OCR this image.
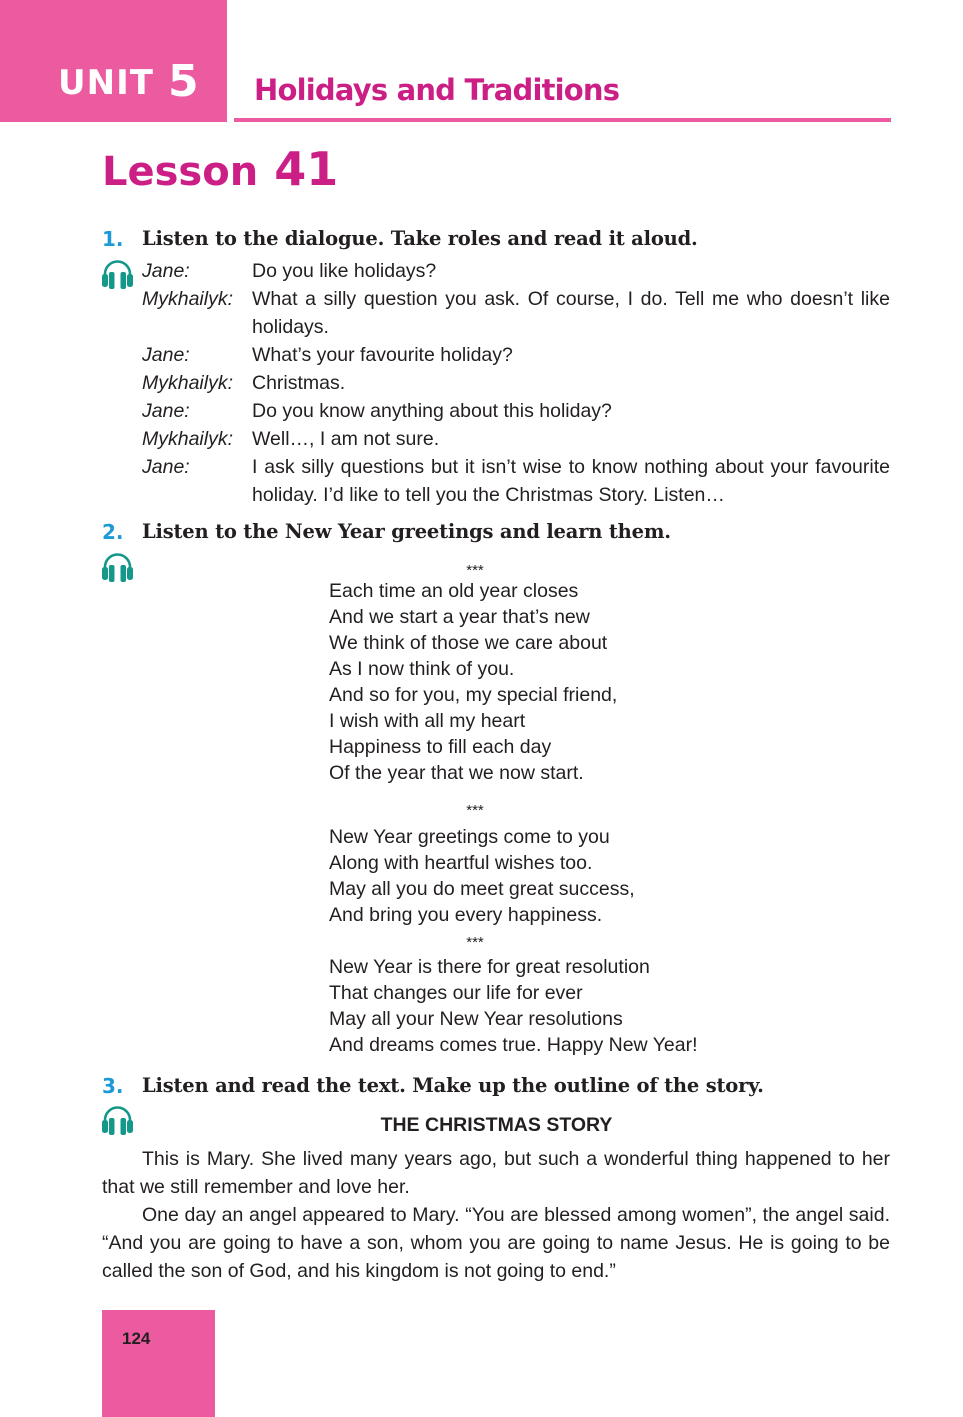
UNIT 5 Holidays and Traditions
Lesson 41
1. Listen to the dialogue. Take roles and read it aloud.
Jane:	Do you like holidays?
Mykhailyk: What a silly question you ask. Of course, I do. Tell me who doesn’t like holidays.
Jane:	What’s your favourite holiday?
Mykhailyk: Christmas.
Jane:	Do you know anything about this holiday?
Mykhailyk: Well…, I am not sure.
Jane:	I ask silly questions but it isn’t wise to know nothing about your favourite holiday. I’d like to tell you the Christmas Story. Listen…
2. Listen to the New Year greetings and learn them.
***
Each time an old year closes
And we start a year that’s new
We think of those we care about
As I now think of you.
And so for you, my special friend,
I wish with all my heart
Happiness to fill each day
Of the year that we now start.
***
New Year greetings come to you
Along with heartful wishes too.
May all you do meet great success,
And bring you every happiness.
***
New Year is there for great resolution
That changes our life for ever
May all your New Year resolutions
And dreams comes true. Happy New Year!
3. Listen and read the text. Make up the outline of the story.
THE CHRISTMAS STORY
This is Mary. She lived many years ago, but such a wonderful thing happened to her that we still remember and love her.
One day an angel appeared to Mary. “You are blessed among women”, the angel said. “And you are going to have a son, whom you are going to name Jesus. He is going to be called the son of God, and his kingdom is not going to end.”
124
